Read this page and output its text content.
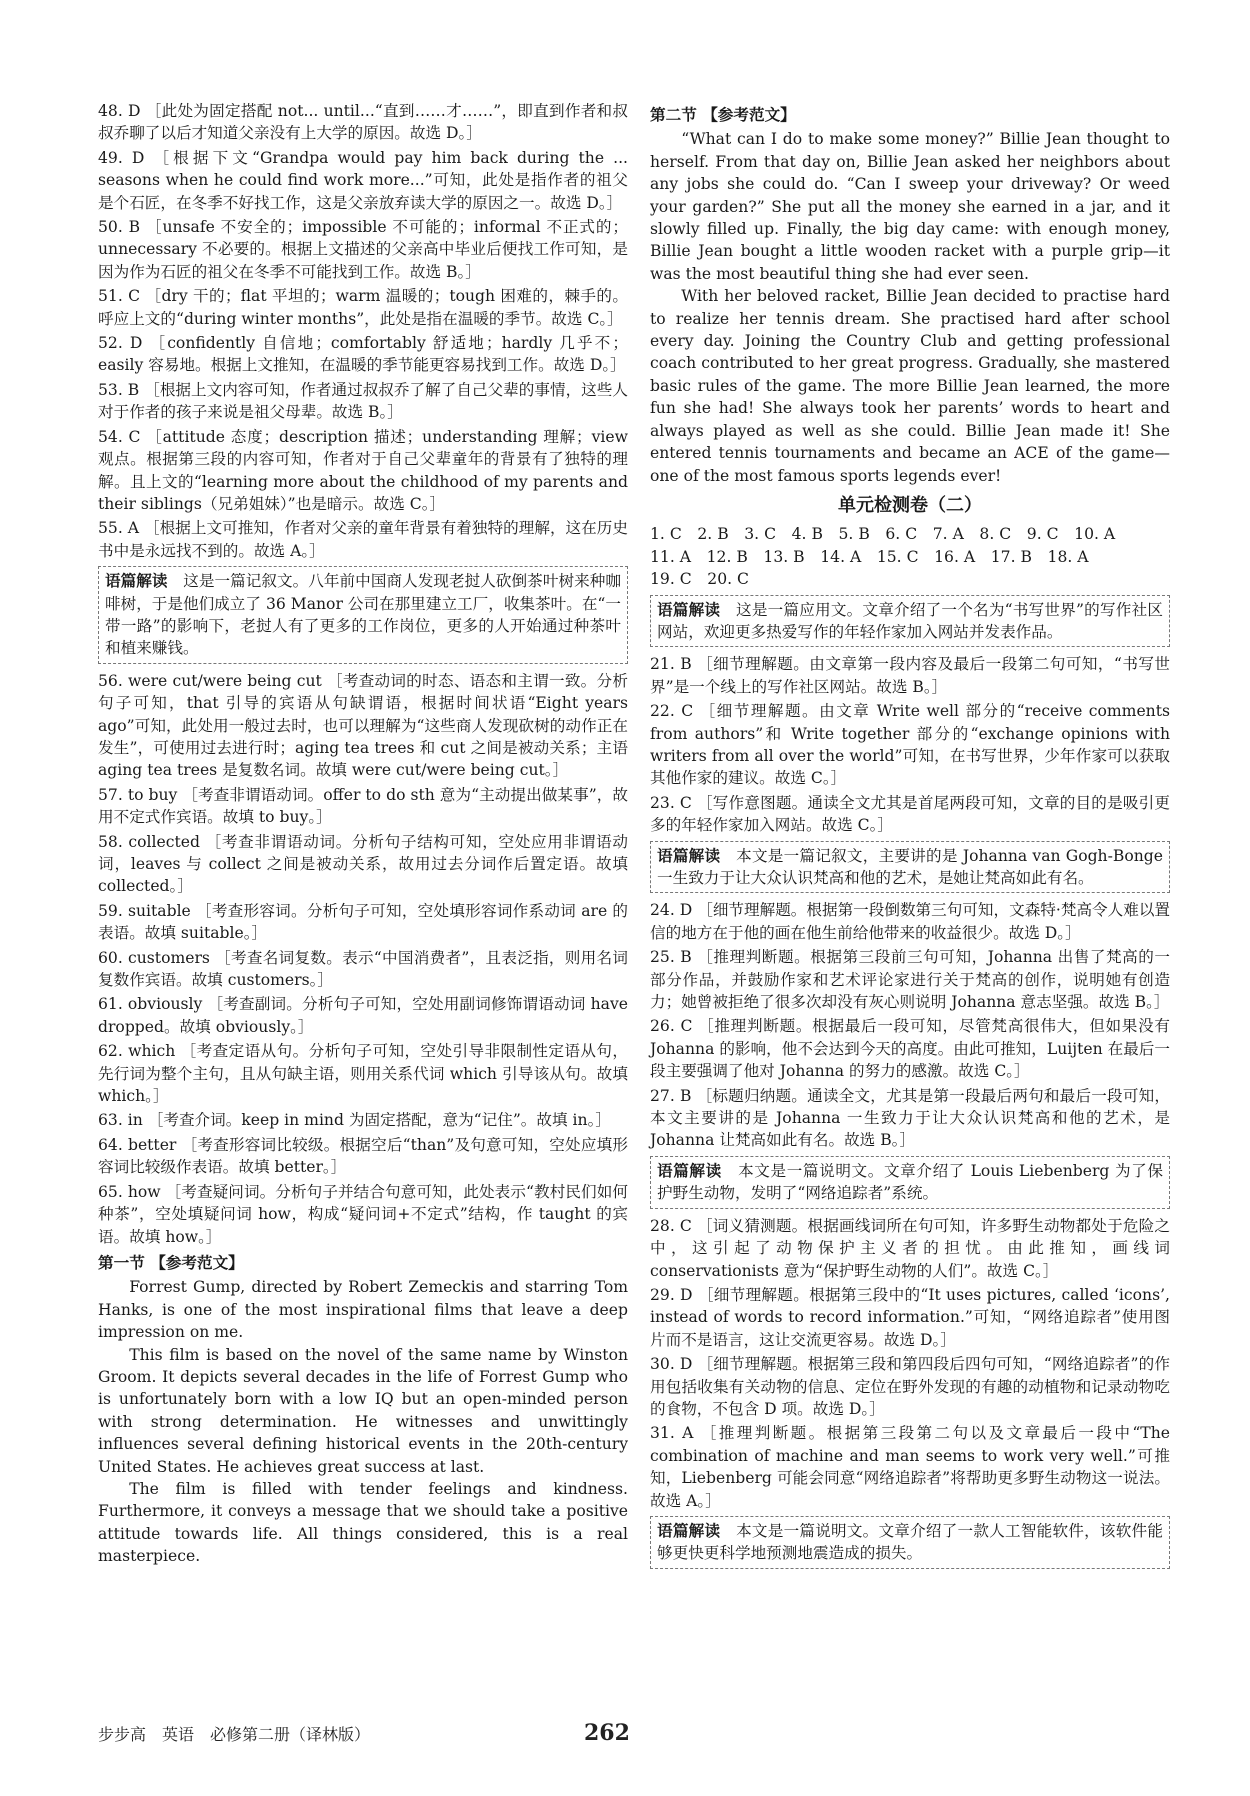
48. D ［此处为固定搭配 not... until...“直到……才……”，即直到作者和叔叔乔聊了以后才知道父亲没有上大学的原因。故选 D。］
49. D ［根据下文“Grandpa would pay him back during the ... seasons when he could find work more...”可知，此处是指作者的祖父是个石匠，在冬季不好找工作，这是父亲放弃读大学的原因之一。故选 D。］
50. B ［unsafe 不安全的；impossible 不可能的；informal 不正式的；unnecessary 不必要的。根据上文描述的父亲高中毕业后便找工作可知，是因为作为石匠的祖父在冬季不可能找到工作。故选 B。］
51. C ［dry 干的；flat 平坦的；warm 温暖的；tough 困难的，棘手的。呼应上文的“during winter months”，此处是指在温暖的季节。故选 C。］
52. D ［confidently 自信地；comfortably 舒适地；hardly 几乎不；easily 容易地。根据上文推知，在温暖的季节能更容易找到工作。故选 D。］
53. B ［根据上文内容可知，作者通过叔叔乔了解了自己父辈的事情，这些人对于作者的孩子来说是祖父母辈。故选 B。］
54. C ［attitude 态度；description 描述；understanding 理解；view 观点。根据第三段的内容可知，作者对于自己父辈童年的背景有了独特的理解。且上文的“learning more about the childhood of my parents and their siblings（兄弟姐妹）”也是暗示。故选 C。］
55. A ［根据上文可推知，作者对父亲的童年背景有着独特的理解，这在历史书中是永远找不到的。故选 A。］
语篇解读　 这是一篇记叙文。八年前中国商人发现老挝人砍倒茶叶树来种咖啡树，于是他们成立了 36 Manor 公司在那里建立工厂，收集茶叶。在“一带一路”的影响下，老挝人有了更多的工作岗位，更多的人开始通过种茶叶和植来赚钱。
56. were cut/were being cut ［考查动词的时态、语态和主谓一致。分析句子可知，that 引导的宾语从句缺谓语，根据时间状语“Eight years ago”可知，此处用一般过去时，也可以理解为“这些商人发现砍树的动作正在发生”，可使用过去进行时；aging tea trees 和 cut 之间是被动关系；主语 aging tea trees 是复数名词。故填 were cut/were being cut。］
57. to buy ［考查非谓语动词。offer to do sth 意为“主动提出做某事”，故用不定式作宾语。故填 to buy。］
58. collected ［考查非谓语动词。分析句子结构可知，空处应用非谓语动词，leaves 与 collect 之间是被动关系，故用过去分词作后置定语。故填 collected。］
59. suitable ［考查形容词。分析句子可知，空处填形容词作系动词 are 的表语。故填 suitable。］
60. customers ［考查名词复数。表示“中国消费者”，且表泛指，则用名词复数作宾语。故填 customers。］
61. obviously ［考查副词。分析句子可知，空处用副词修饰谓语动词 have dropped。故填 obviously。］
62. which ［考查定语从句。分析句子可知，空处引导非限制性定语从句，先行词为整个主句，且从句缺主语，则用关系代词 which 引导该从句。故填 which。］
63. in ［考查介词。keep in mind 为固定搭配，意为“记住”。故填 in。］
64. better ［考查形容词比较级。根据空后“than”及句意可知，空处应填形容词比较级作表语。故填 better。］
65. how ［考查疑问词。分析句子并结合句意可知，此处表示“教村民们如何种茶”，空处填疑问词 how，构成“疑问词+不定式”结构，作 taught 的宾语。故填 how。］
第一节 【参考范文】

Forrest Gump, directed by Robert Zemeckis and starring Tom Hanks, is one of the most inspirational films that leave a deep impression on me.

This film is based on the novel of the same name by Winston Groom. It depicts several decades in the life of Forrest Gump who is unfortunately born with a low IQ but an open-minded person with strong determination. He witnesses and unwittingly influences several defining historical events in the 20th-century United States. He achieves great success at last.

The film is filled with tender feelings and kindness. Furthermore, it conveys a message that we should take a positive attitude towards life. All things considered, this is a real masterpiece.

第二节 【参考范文】

“What can I do to make some money?” Billie Jean thought to herself. From that day on, Billie Jean asked her neighbors about any jobs she could do. “Can I sweep your driveway? Or weed your garden?” She put all the money she earned in a jar, and it slowly filled up. Finally, the big day came: with enough money, Billie Jean bought a little wooden racket with a purple grip—it was the most beautiful thing she had ever seen.

With her beloved racket, Billie Jean decided to practise hard to realize her tennis dream. She practised hard after school every day. Joining the Country Club and getting professional coach contributed to her great progress. Gradually, she mastered basic rules of the game. The more Billie Jean learned, the more fun she had! She always took her parents’ words to heart and always played as well as she could. Billie Jean made it! She entered tennis tournaments and became an ACE of the game—one of the most famous sports legends ever!

单元检测卷（二）
1. C　2. B　3. C　4. B　5. B　6. C　7. A　8. C　9. C　10. A
11. A　12. B　13. B　14. A　15. C　16. A　17. B　18. A
19. C　20. C
语篇解读　 这是一篇应用文。文章介绍了一个名为“书写世界”的写作社区网站，欢迎更多热爱写作的年轻作家加入网站并发表作品。
21. B ［细节理解题。由文章第一段内容及最后一段第二句可知，“书写世界”是一个线上的写作社区网站。故选 B。］
22. C ［细节理解题。由文章 Write well 部分的“receive comments from authors”和 Write together 部分的“exchange opinions with writers from all over the world”可知，在书写世界，少年作家可以获取其他作家的建议。故选 C。］
23. C ［写作意图题。通读全文尤其是首尾两段可知，文章的目的是吸引更多的年轻作家加入网站。故选 C。］
语篇解读　 本文是一篇记叙文，主要讲的是 Johanna van Gogh-Bonge 一生致力于让大众认识梵高和他的艺术，是她让梵高如此有名。
24. D ［细节理解题。根据第一段倒数第三句可知，文森特·梵高令人难以置信的地方在于他的画在他生前给他带来的收益很少。故选 D。］
25. B ［推理判断题。根据第三段前三句可知，Johanna 出售了梵高的一部分作品，并鼓励作家和艺术评论家进行关于梵高的创作，说明她有创造力；她曾被拒绝了很多次却没有灰心则说明 Johanna 意志坚强。故选 B。］
26. C ［推理判断题。根据最后一段可知，尽管梵高很伟大，但如果没有 Johanna 的影响，他不会达到今天的高度。由此可推知，Luijten 在最后一段主要强调了他对 Johanna 的努力的感激。故选 C。］
27. B ［标题归纳题。通读全文，尤其是第一段最后两句和最后一段可知，本文主要讲的是 Johanna 一生致力于让大众认识梵高和他的艺术，是 Johanna 让梵高如此有名。故选 B。］
语篇解读　 本文是一篇说明文。文章介绍了 Louis Liebenberg 为了保护野生动物，发明了“网络追踪者”系统。
28. C ［词义猜测题。根据画线词所在句可知，许多野生动物都处于危险之中，这引起了动物保护主义者的担忧。由此推知，画线词 conservationists 意为“保护野生动物的人们”。故选 C。］
29. D ［细节理解题。根据第三段中的“It uses pictures, called ‘icons’, instead of words to record information.”可知，“网络追踪者”使用图片而不是语言，这让交流更容易。故选 D。］
30. D ［细节理解题。根据第三段和第四段后四句可知，“网络追踪者”的作用包括收集有关动物的信息、定位在野外发现的有趣的动植物和记录动物吃的食物，不包含 D 项。故选 D。］
31. A ［推理判断题。根据第三段第二句以及文章最后一段中“The combination of machine and man seems to work very well.”可推知，Liebenberg 可能会同意“网络追踪者”将帮助更多野生动物这一说法。故选 A。］
语篇解读　 本文是一篇说明文。文章介绍了一款人工智能软件，该软件能够更快更科学地预测地震造成的损失。
步步高　英语　必修第二册（译林版）	262
